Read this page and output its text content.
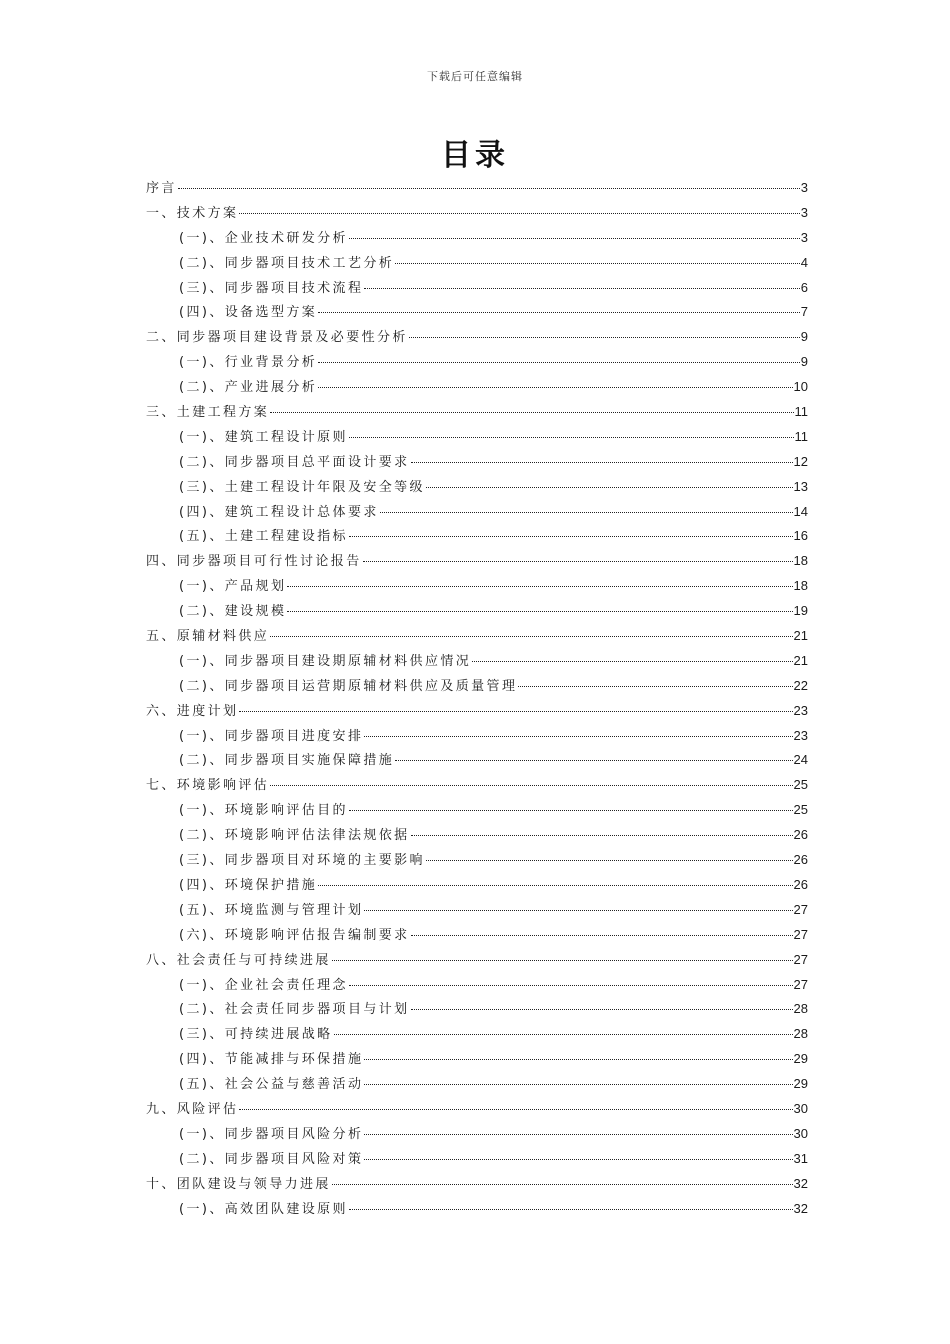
下载后可任意编辑
目录
序言	3
一、技术方案	3
(一)、企业技术研发分析	3
(二)、同步器项目技术工艺分析	4
(三)、同步器项目技术流程	6
(四)、设备选型方案	7
二、同步器项目建设背景及必要性分析	9
(一)、行业背景分析	9
(二)、产业进展分析	10
三、土建工程方案	11
(一)、建筑工程设计原则	11
(二)、同步器项目总平面设计要求	12
(三)、土建工程设计年限及安全等级	13
(四)、建筑工程设计总体要求	14
(五)、土建工程建设指标	16
四、同步器项目可行性讨论报告	18
(一)、产品规划	18
(二)、建设规模	19
五、原辅材料供应	21
(一)、同步器项目建设期原辅材料供应情况	21
(二)、同步器项目运营期原辅材料供应及质量管理	22
六、进度计划	23
(一)、同步器项目进度安排	23
(二)、同步器项目实施保障措施	24
七、环境影响评估	25
(一)、环境影响评估目的	25
(二)、环境影响评估法律法规依据	26
(三)、同步器项目对环境的主要影响	26
(四)、环境保护措施	26
(五)、环境监测与管理计划	27
(六)、环境影响评估报告编制要求	27
八、社会责任与可持续进展	27
(一)、企业社会责任理念	27
(二)、社会责任同步器项目与计划	28
(三)、可持续进展战略	28
(四)、节能减排与环保措施	29
(五)、社会公益与慈善活动	29
九、风险评估	30
(一)、同步器项目风险分析	30
(二)、同步器项目风险对策	31
十、团队建设与领导力进展	32
(一)、高效团队建设原则	32
